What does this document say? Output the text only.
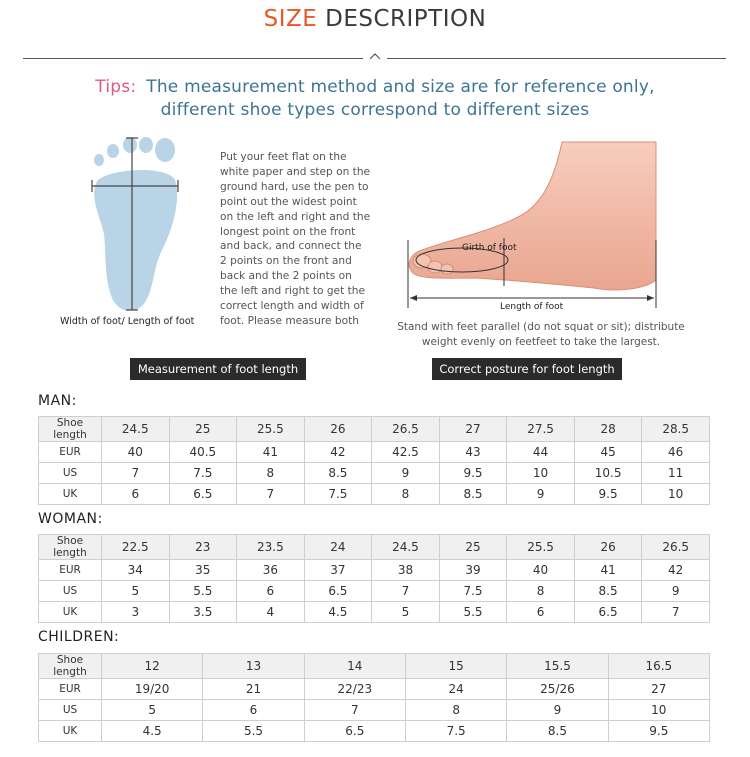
SIZE DESCRIPTION
Tips: The measurement method and size are for reference only,
different shoe types correspond to different sizes
Width of foot/ Length of foot
Put your feet flat on the
white paper and step on the
ground hard, use the pen to
point out the widest point
on the left and right and the
longest point on the front
and back, and connect the
2 points on the front and
back and the 2 points on
the left and right to get the
correct length and width of
foot. Please measure both
Girth of foot
Length of foot
Stand with feet parallel (do not squat or sit); distribute
weight evenly on feetfeet to take the largest.
Measurement of foot length	Correct posture for foot length
MAN:
Shoe length	24.5	25	25.5	26	26.5	27	27.5	28	28.5
EUR	40	40.5	41	42	42.5	43	44	45	46
US	7	7.5	8	8.5	9	9.5	10	10.5	11
UK	6	6.5	7	7.5	8	8.5	9	9.5	10
WOMAN:
Shoe length	22.5	23	23.5	24	24.5	25	25.5	26	26.5
EUR	34	35	36	37	38	39	40	41	42
US	5	5.5	6	6.5	7	7.5	8	8.5	9
UK	3	3.5	4	4.5	5	5.5	6	6.5	7
CHILDREN:
Shoe length	12	13	14	15	15.5	16.5
EUR	19/20	21	22/23	24	25/26	27
US	5	6	7	8	9	10
UK	4.5	5.5	6.5	7.5	8.5	9.5
